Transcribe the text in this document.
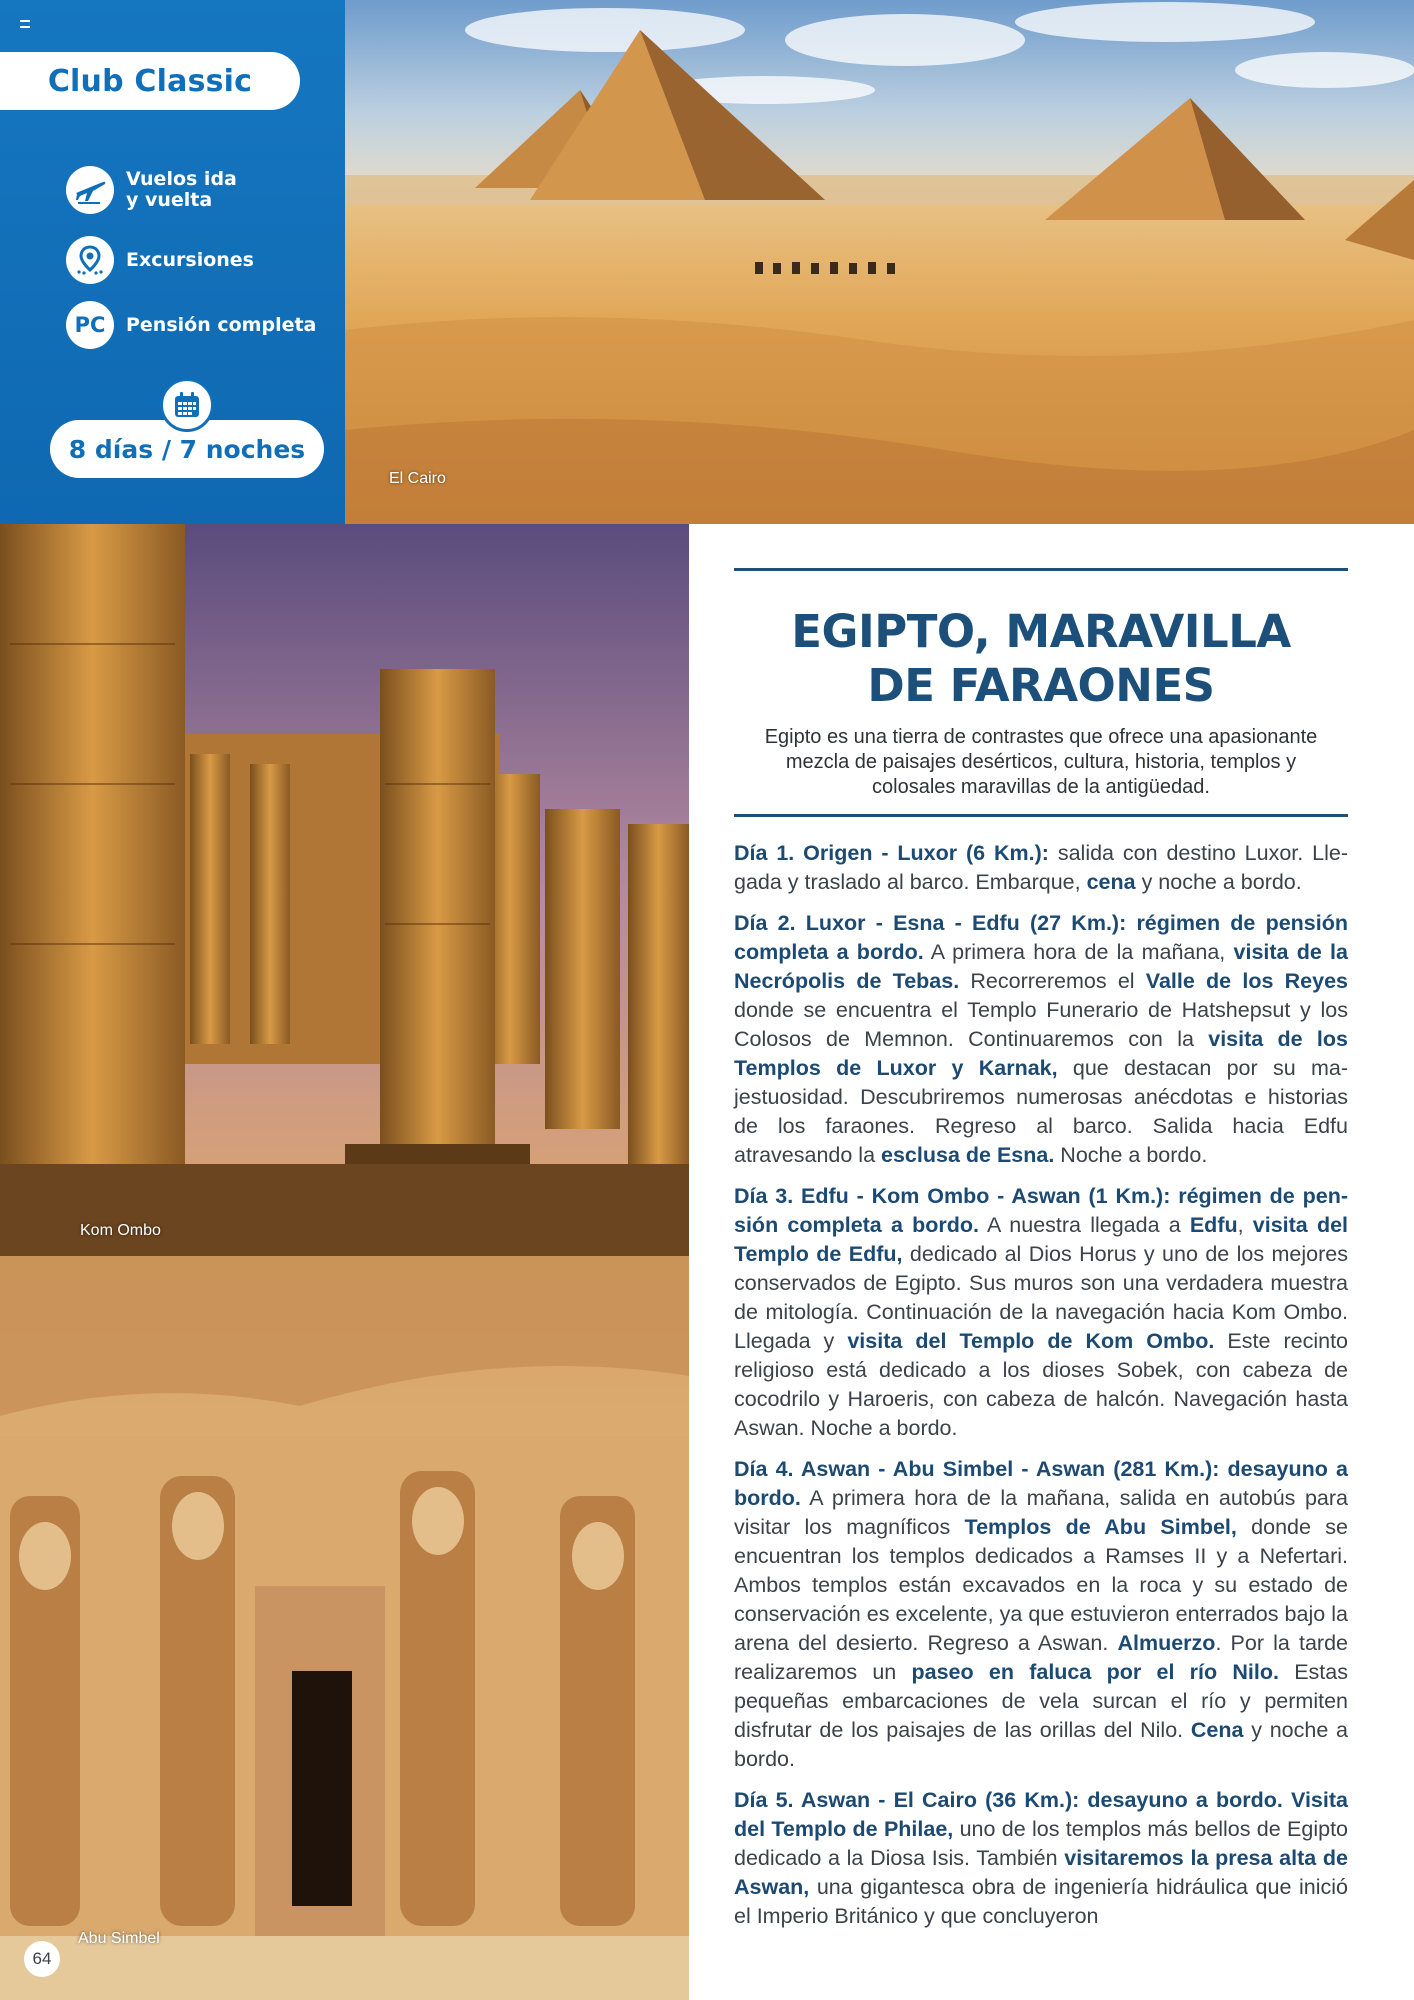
Club Classic
Vuelos ida
y vuelta
Excursiones
PC Pensión completa
8 días / 7 noches
El Cairo
Kom Ombo
Abu Simbel
64
EGIPTO, MARAVILLA
DE FARAONES

Egipto es una tierra de contrastes que ofrece una apasionante mezcla de paisajes desérticos, cultura, historia, templos y colosales maravillas de la antigüedad.

Día 1. Origen - Luxor (6 Km.): salida con destino Luxor. Llegada y traslado al barco. Embarque, cena y noche a bordo.

Día 2. Luxor - Esna - Edfu (27 Km.): régimen de pensión completa a bordo. A primera hora de la mañana, visita de la Necrópolis de Tebas. Recorreremos el Valle de los Reyes donde se encuentra el Templo Funerario de Hatshepsut y los Colosos de Memnon. Continuaremos con la visita de los Templos de Luxor y Karnak, que destacan por su majestuosidad. Descubriremos numerosas anécdotas e historias de los faraones. Regreso al barco. Salida hacia Edfu atravesando la esclusa de Esna. Noche a bordo.

Día 3. Edfu - Kom Ombo - Aswan (1 Km.): régimen de pensión completa a bordo. A nuestra llegada a Edfu, visita del Templo de Edfu, dedicado al Dios Horus y uno de los mejores conservados de Egipto. Sus muros son una verdadera muestra de mitología. Continuación de la navegación hacia Kom Ombo. Llegada y visita del Templo de Kom Ombo. Este recinto religioso está dedicado a los dioses Sobek, con cabeza de cocodrilo y Haroeris, con cabeza de halcón. Navegación hasta Aswan. Noche a bordo.

Día 4. Aswan - Abu Simbel - Aswan (281 Km.): desayuno a bordo. A primera hora de la mañana, salida en autobús para visitar los magníficos Templos de Abu Simbel, donde se encuentran los templos dedicados a Ramses II y a Nefertari. Ambos templos están excavados en la roca y su estado de conservación es excelente, ya que estuvieron enterrados bajo la arena del desierto. Regreso a Aswan. Almuerzo. Por la tarde realizaremos un paseo en faluca por el río Nilo. Estas pequeñas embarcaciones de vela surcan el río y permiten disfrutar de los paisajes de las orillas del Nilo. Cena y noche a bordo.

Día 5. Aswan - El Cairo (36 Km.): desayuno a bordo. Visita del Templo de Philae, uno de los templos más bellos de Egipto dedicado a la Diosa Isis. También visitaremos la presa alta de Aswan, una gigantesca obra de ingeniería hidráulica que inició el Imperio Británico y que concluyeron
